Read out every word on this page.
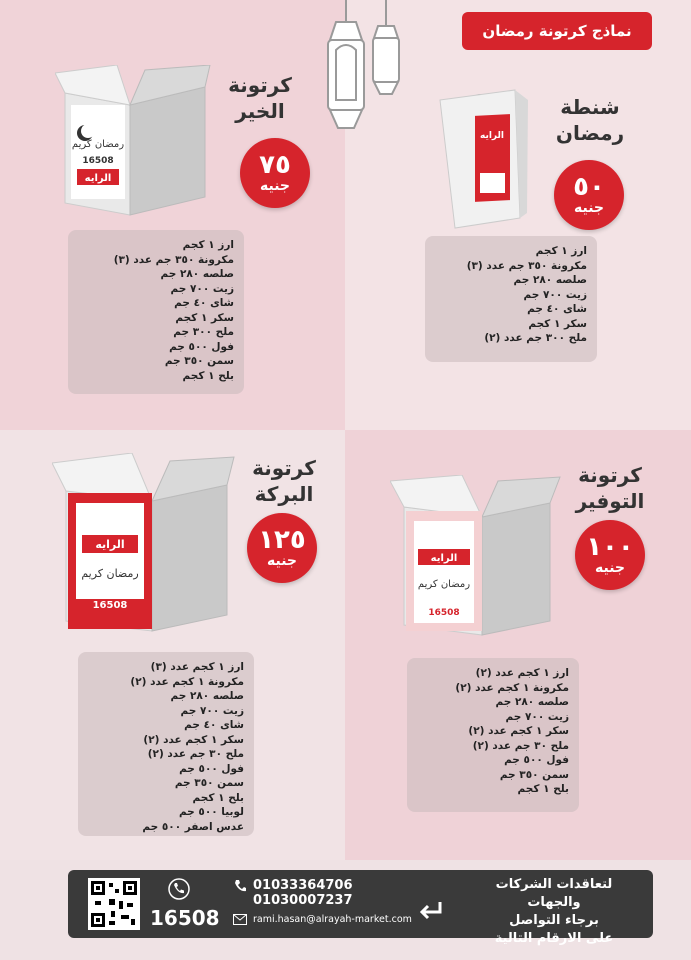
نماذج كرتونة رمضان
رمضان كريم
16508
الرايه
كرتونة
الخير
٧٥
جنيه
ارز ١ كجم
مكرونة ٣٥٠ جم عدد (٣)
صلصه ٢٨٠ جم
زيت ٧٠٠ جم
شاى ٤٠ جم
سكر ١ كجم
ملح ٣٠٠ جم
فول ٥٠٠ جم
سمن ٣٥٠ جم
بلح ١ كجم
الرايه
شنطة
رمضان
٥٠
جنيه
ارز ١ كجم
مكرونة ٣٥٠ جم عدد (٣)
صلصه ٢٨٠ جم
زيت ٧٠٠ جم
شاى ٤٠ جم
سكر ١ كجم
ملح ٣٠٠ جم عدد (٢)
الرايه
رمضان كريم
16508
كرتونة
البركة
١٢٥
جنيه
ارز ١ كجم عدد (٣)
مكرونة ١ كجم عدد (٢)
صلصه ٢٨٠ جم
زيت ٧٠٠ جم
شاى ٤٠ جم
سكر ١ كجم عدد (٢)
ملح ٣٠ جم عدد (٢)
فول ٥٠٠ جم
سمن ٣٥٠ جم
بلح ١ كجم
لوبيا ٥٠٠ جم
عدس اصفر ٥٠٠ جم
الرايه
رمضان كريم
16508
كرتونة
التوفير
١٠٠
جنيه
ارز ١ كجم عدد (٢)
مكرونة ١ كجم عدد (٢)
صلصه ٢٨٠ جم
زيت ٧٠٠ جم
سكر ١ كجم عدد (٢)
ملح ٣٠ جم عدد (٢)
فول ٥٠٠ جم
سمن ٣٥٠ جم
بلح ١ كجم
لتعاقدات الشركات والجهات
برجاء التواصل
على الارقام التالية
01033364706
01030007237
rami.hasan@alrayah-market.com
16508
